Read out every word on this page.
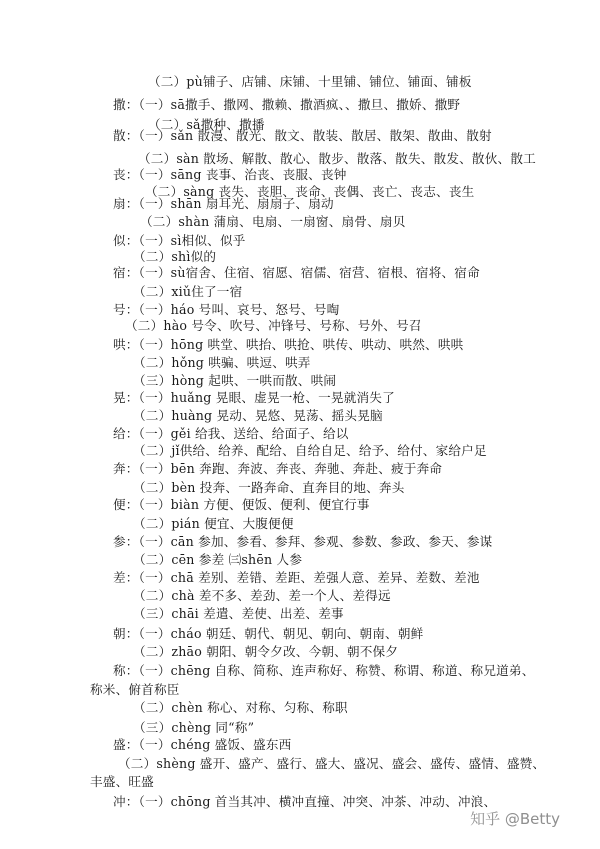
（二）pù铺子、店铺、床铺、十里铺、铺位、铺面、铺板
撒：（一）sā撒手、撒网、撒赖、撒酒疯、、撒旦、撒娇、撒野
（二）sǎ撒种、撒播
散：（一）sǎn 散漫、散光、散文、散装、散居、散架、散曲、散射
（二）sàn 散场、解散、散心、散步、散落、散失、散发、散伙、散工
丧：（一）sāng 丧事、治丧、丧服、丧钟
（二）sàng 丧失、丧胆、丧命、丧偶、丧亡、丧志、丧生
扇：（一）shān 扇耳光、扇扇子、扇动
（二）shàn 蒲扇、电扇、一扇窗、扇骨、扇贝
似：（一）sì相似、似乎
（二）shì似的
宿：（一）sù宿舍、住宿、宿愿、宿儒、宿营、宿根、宿将、宿命
（二）xiǔ住了一宿
号：（一）háo 号叫、哀号、怒号、号啕
（二）hào 号令、吹号、冲锋号、号称、号外、号召
哄：（一）hōng 哄堂、哄抬、哄抢、哄传、哄动、哄然、哄哄
（二）hǒng 哄骗、哄逗、哄弄
（三）hòng 起哄、一哄而散、哄闹
晃：（一）huǎng 晃眼、虚晃一枪、一晃就消失了
（二）huàng 晃动、晃悠、晃荡、摇头晃脑
给：（一）gěi 给我、送给、给面子、给以
（二）jǐ供给、给养、配给、自给自足、给予、给付、家给户足
奔：（一）bēn 奔跑、奔波、奔丧、奔驰、奔赴、疲于奔命
（二）bèn 投奔、一路奔命、直奔目的地、奔头
便：（一）biàn 方便、便饭、便利、便宜行事
（二）pián 便宜、大腹便便
参：（一）cān 参加、参看、参拜、参观、参数、参政、参天、参谋
（二）cēn 参差 ㈢shēn 人参
差：（一）chā 差别、差错、差距、差强人意、差异、差数、差池
（二）chà 差不多、差劲、差一个人、差得远
（三）chāi 差遣、差使、出差、差事
朝：（一）cháo 朝廷、朝代、朝见、朝向、朝南、朝鲜
（二）zhāo 朝阳、朝令夕改、今朝、朝不保夕
称：（一）chēng 自称、简称、连声称好、称赞、称谓、称道、称兄道弟、
称米、俯首称臣
（二）chèn 称心、对称、匀称、称职
（三）chèng 同“称”
盛：（一）chéng 盛饭、盛东西
（二）shèng 盛开、盛产、盛行、盛大、盛况、盛会、盛传、盛情、盛赞、
丰盛、旺盛
冲：（一）chōng 首当其冲、横冲直撞、冲突、冲茶、冲动、冲浪、
知乎 @Betty
